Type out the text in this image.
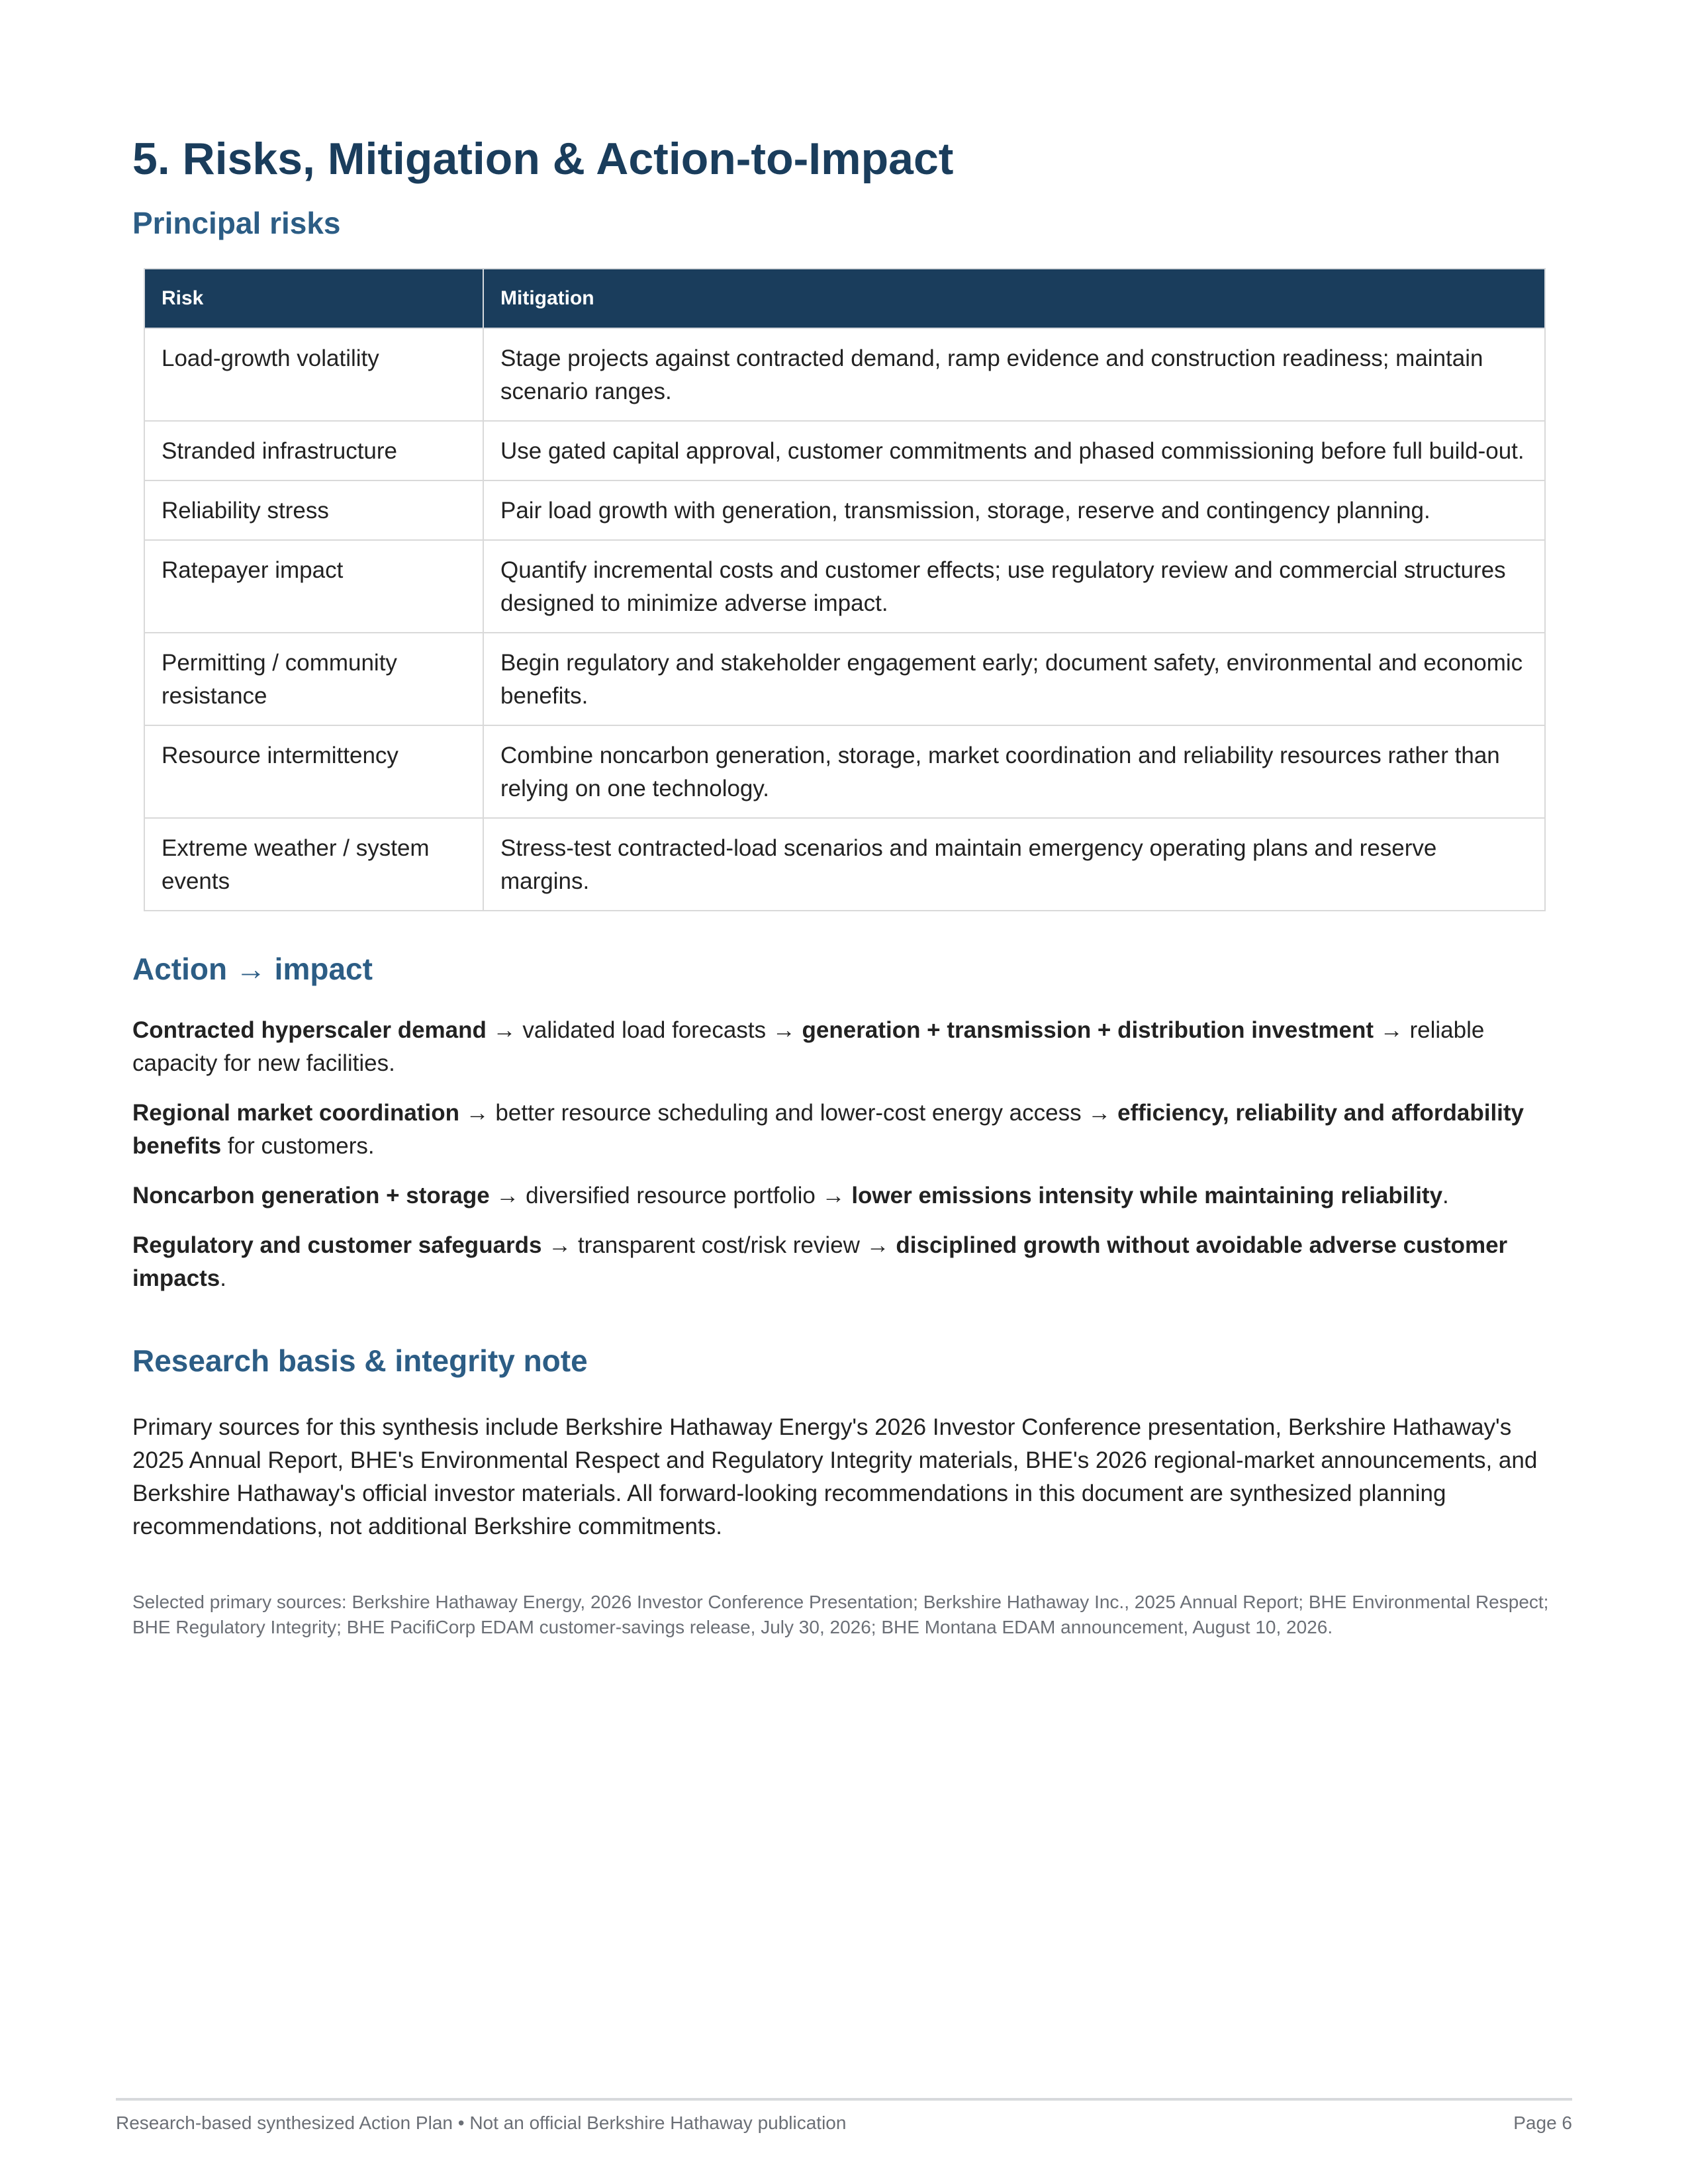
5. Risks, Mitigation & Action-to-Impact
Principal risks
Risk	Mitigation
Load-growth volatility	Stage projects against contracted demand, ramp evidence and construction readiness; maintain scenario ranges.
Stranded infrastructure	Use gated capital approval, customer commitments and phased commissioning before full build-out.
Reliability stress	Pair load growth with generation, transmission, storage, reserve and contingency planning.
Ratepayer impact	Quantify incremental costs and customer effects; use regulatory review and commercial structures designed to minimize adverse impact.
Permitting / community resistance	Begin regulatory and stakeholder engagement early; document safety, environmental and economic benefits.
Resource intermittency	Combine noncarbon generation, storage, market coordination and reliability resources rather than relying on one technology.
Extreme weather / system events	Stress-test contracted-load scenarios and maintain emergency operating plans and reserve margins.
Action → impact
Contracted hyperscaler demand → validated load forecasts → generation + transmission + distribution investment → reliable capacity for new facilities.
Regional market coordination → better resource scheduling and lower-cost energy access → efficiency, reliability and affordability benefits for customers.
Noncarbon generation + storage → diversified resource portfolio → lower emissions intensity while maintaining reliability.
Regulatory and customer safeguards → transparent cost/risk review → disciplined growth without avoidable adverse customer impacts.
Research basis & integrity note
Primary sources for this synthesis include Berkshire Hathaway Energy's 2026 Investor Conference presentation, Berkshire Hathaway's 2025 Annual Report, BHE's Environmental Respect and Regulatory Integrity materials, BHE's 2026 regional-market announcements, and Berkshire Hathaway's official investor materials. All forward-looking recommendations in this document are synthesized planning recommendations, not additional Berkshire commitments.
Selected primary sources: Berkshire Hathaway Energy, 2026 Investor Conference Presentation; Berkshire Hathaway Inc., 2025 Annual Report; BHE Environmental Respect; BHE Regulatory Integrity; BHE PacifiCorp EDAM customer-savings release, July 30, 2026; BHE Montana EDAM announcement, August 10, 2026.
Research-based synthesized Action Plan • Not an official Berkshire Hathaway publication	Page 6
